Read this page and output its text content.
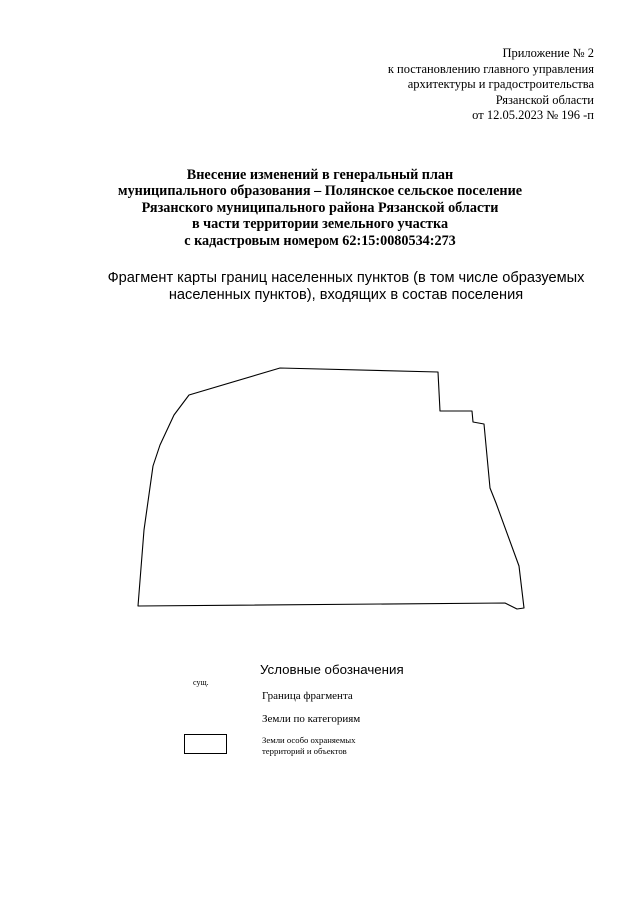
Приложение № 2
к постановлению главного управления
архитектуры и градостроительства
Рязанской области
от 12.05.2023 № 196 -п
Внесение изменений в генеральный план
муниципального образования – Полянское сельское поселение
Рязанского муниципального района Рязанской области
в части территории земельного участка
с кадастровым номером 62:15:0080534:273
Фрагмент карты границ населенных пунктов (в том числе образуемых
населенных пунктов), входящих в состав поселения
Условные обозначения
сущ.
Граница фрагмента
Земли по категориям
Земли особо охраняемых
территорий и объектов
